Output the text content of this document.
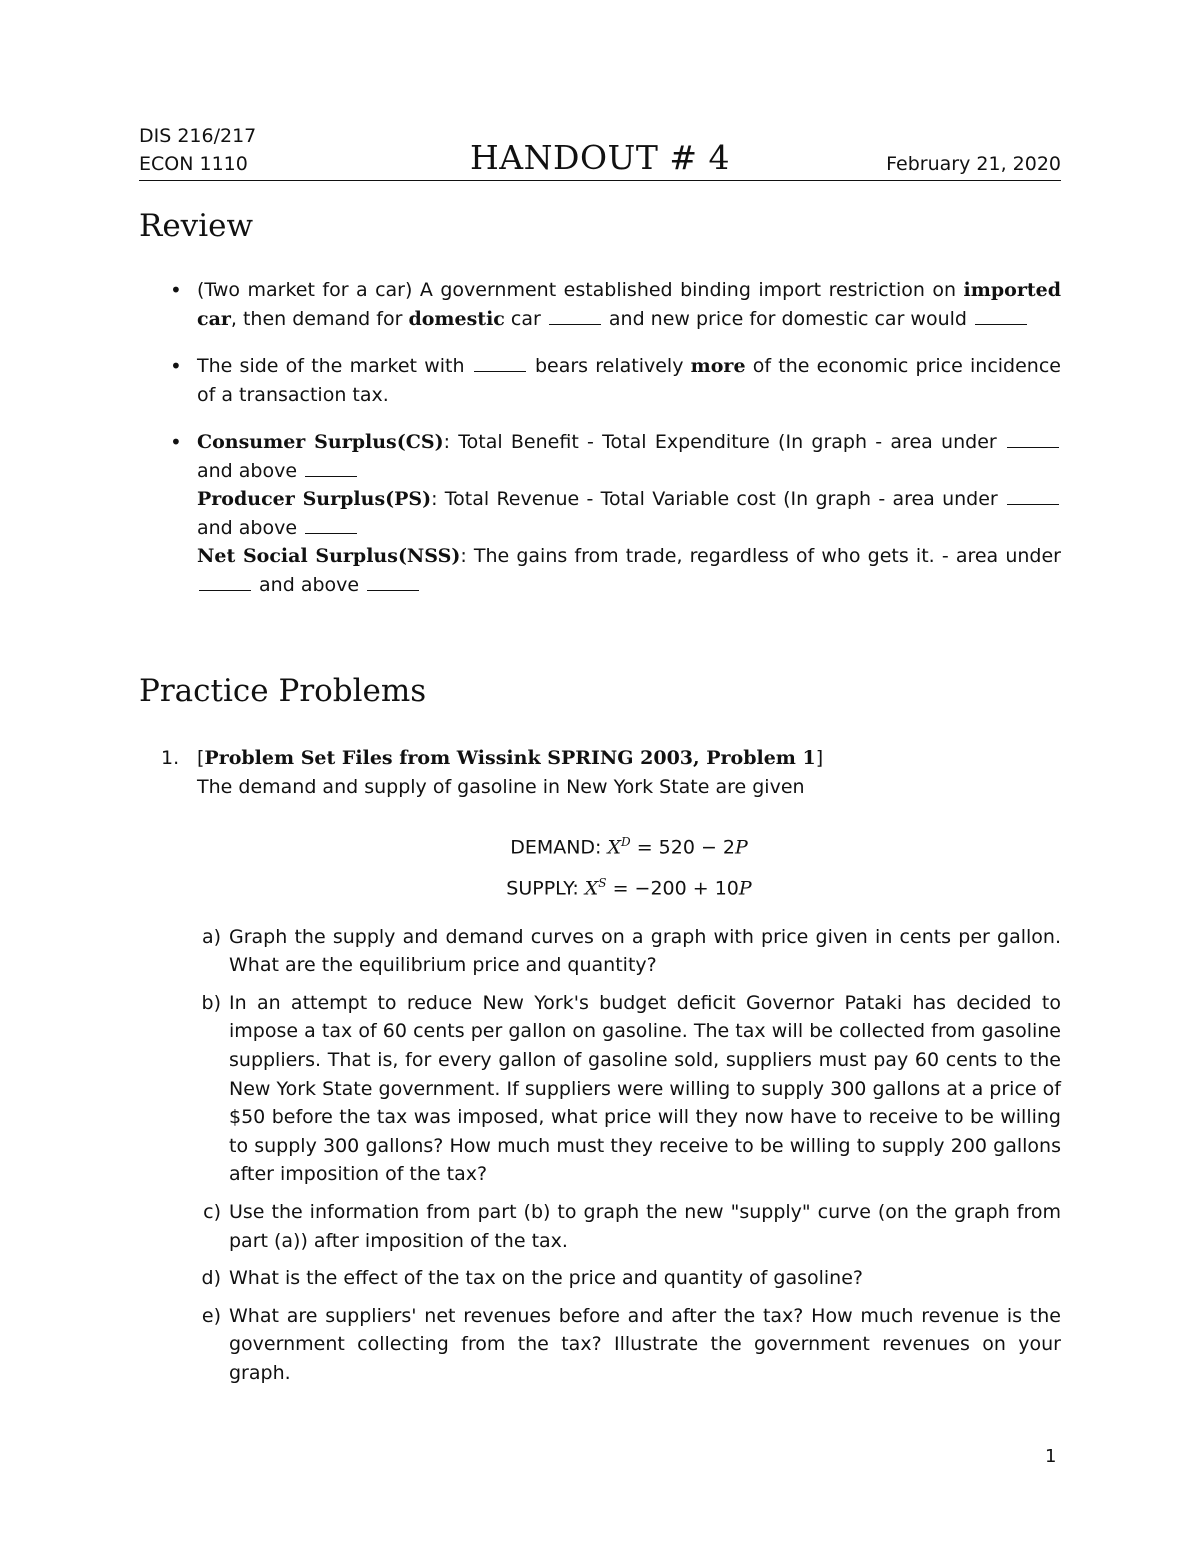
DIS 216/217
ECON 1110	HANDOUT # 4	February 21, 2020
Review
• (Two market for a car) A government established binding import restriction on imported car, then demand for domestic car	and new price for domestic car would
• The side of the market with	bears relatively more of the economic price incidence of a transaction tax.
• Consumer Surplus(CS): Total Benefit - Total Expenditure (In graph - area under  and above
Producer Surplus(PS): Total Revenue - Total Variable cost (In graph - area under  and above
Net Social Surplus(NSS): The gains from trade, regardless of who gets it. - area under  and above
Practice Problems
1. [Problem Set Files from Wissink SPRING 2003, Problem 1]
The demand and supply of gasoline in New York State are given
DEMAND: $X^D = 520 - 2P$
SUPPLY: $X^S = -200 + 10P$
a) Graph the supply and demand curves on a graph with price given in cents per gallon. What are the equilibrium price and quantity?
b) In an attempt to reduce New York's budget deficit Governor Pataki has decided to impose a tax of 60 cents per gallon on gasoline. The tax will be collected from gasoline suppliers. That is, for every gallon of gasoline sold, suppliers must pay 60 cents to the New York State government. If suppliers were willing to supply 300 gallons at a price of $50 before the tax was imposed, what price will they now have to receive to be willing to supply 300 gallons? How much must they receive to be willing to supply 200 gallons after imposition of the tax?
c) Use the information from part (b) to graph the new "supply" curve (on the graph from part (a)) after imposition of the tax.
d) What is the effect of the tax on the price and quantity of gasoline?
e) What are suppliers' net revenues before and after the tax? How much revenue is the government collecting from the tax? Illustrate the government revenues on your graph.
1
